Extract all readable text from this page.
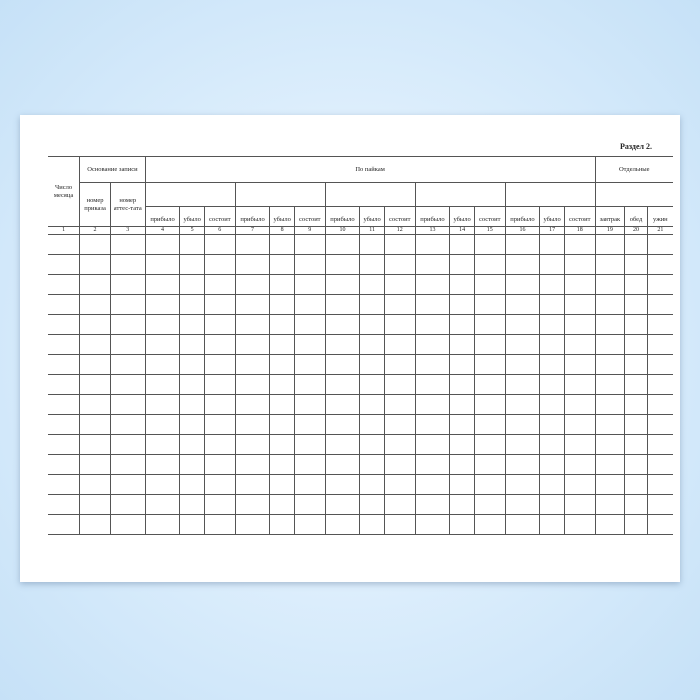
Раздел 2.
Число месяца	Основание записи		По пайкам															Отдельные		
	номер приказа	номер аттес-тата																		
			прибыло	убыло	состоит	прибыло	убыло	состоит	прибыло	убыло	состоит	прибыло	убыло	состоит	прибыло	убыло	состоит	завтрак	обед	ужин
1	2	3	4	5	6	7	8	9	10	11	12	13	14	15	16	17	18	19	20	21
